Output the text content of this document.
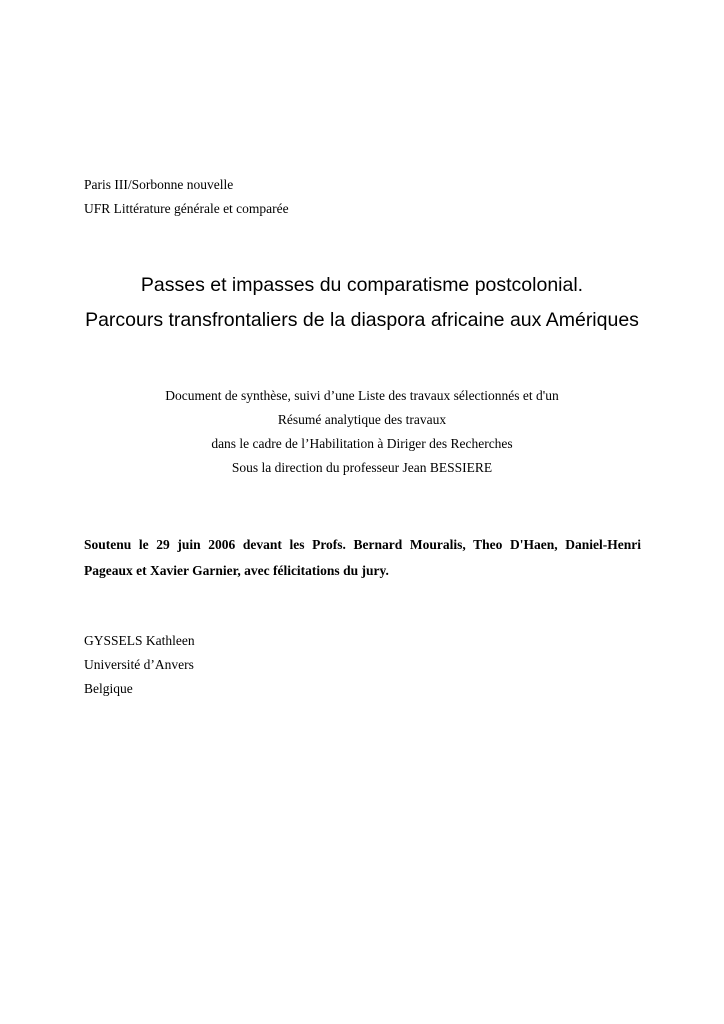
Paris III/Sorbonne nouvelle
UFR Littérature générale et comparée
Passes et impasses du comparatisme postcolonial.
Parcours transfrontaliers de la diaspora africaine aux Amériques
Document de synthèse, suivi d’une Liste des travaux sélectionnés et d'un
Résumé analytique des travaux
dans le cadre de l’Habilitation à Diriger des Recherches
Sous la direction du professeur Jean BESSIERE
Soutenu le 29 juin 2006 devant les Profs. Bernard Mouralis, Theo D'Haen, Daniel-Henri
Pageaux et Xavier Garnier, avec félicitations du jury.
GYSSELS Kathleen
Université d’Anvers
Belgique
